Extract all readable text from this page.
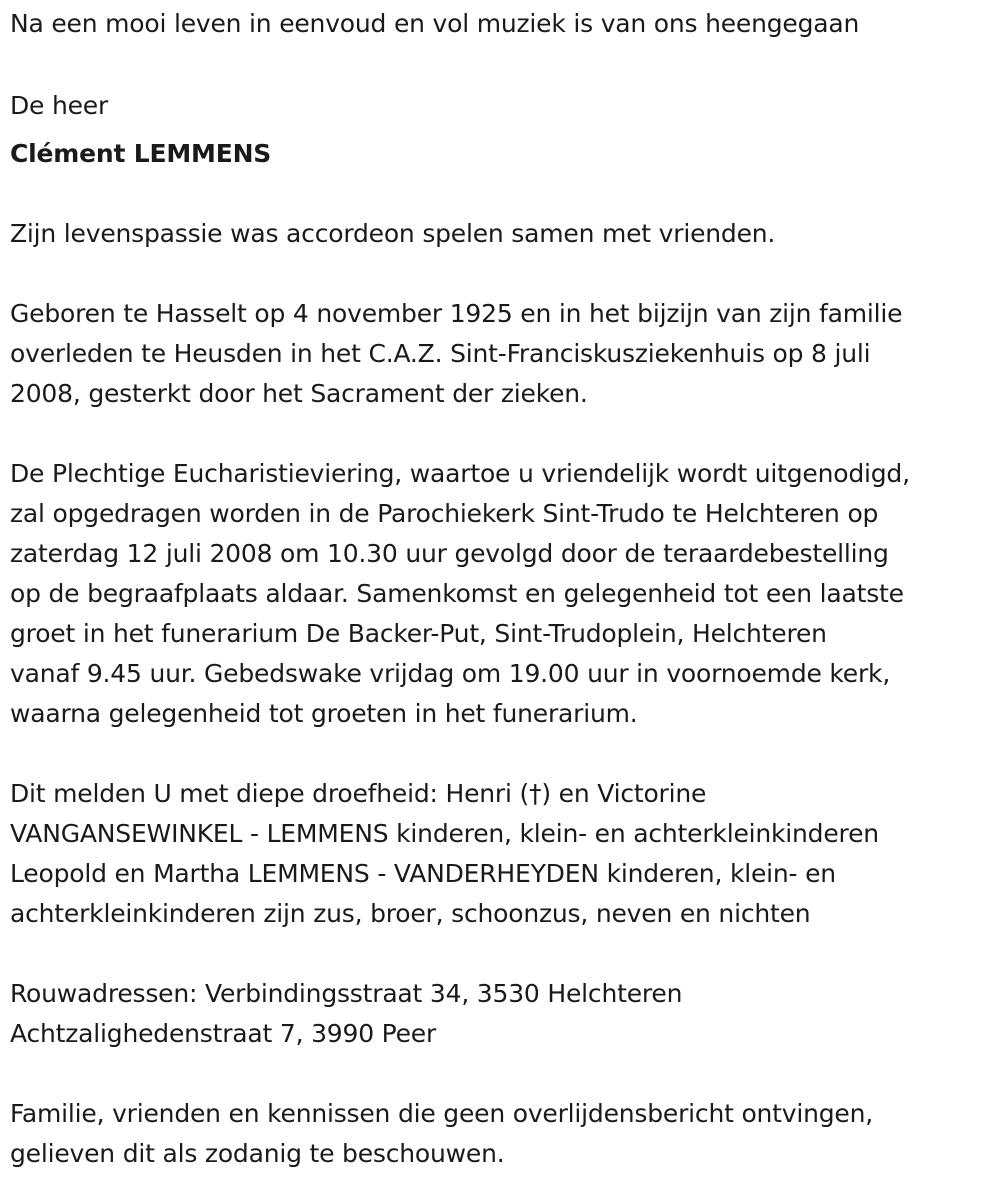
Na een mooi leven in eenvoud en vol muziek is van ons heengegaan
De heer
Clément LEMMENS
Zijn levenspassie was accordeon spelen samen met vrienden.
Geboren te Hasselt op 4 november 1925 en in het bijzijn van zijn familie
overleden te Heusden in het C.A.Z. Sint-Franciskusziekenhuis op 8 juli
2008, gesterkt door het Sacrament der zieken.
De Plechtige Eucharistieviering, waartoe u vriendelijk wordt uitgenodigd,
zal opgedragen worden in de Parochiekerk Sint-Trudo te Helchteren op
zaterdag 12 juli 2008 om 10.30 uur gevolgd door de teraardebestelling
op de begraafplaats aldaar. Samenkomst en gelegenheid tot een laatste
groet in het funerarium De Backer-Put, Sint-Trudoplein, Helchteren
vanaf 9.45 uur. Gebedswake vrijdag om 19.00 uur in voornoemde kerk,
waarna gelegenheid tot groeten in het funerarium.
Dit melden U met diepe droefheid: Henri (†) en Victorine
VANGANSEWINKEL - LEMMENS kinderen, klein- en achterkleinkinderen
Leopold en Martha LEMMENS - VANDERHEYDEN kinderen, klein- en
achterkleinkinderen zijn zus, broer, schoonzus, neven en nichten
Rouwadressen: Verbindingsstraat 34, 3530 Helchteren
Achtzalighedenstraat 7, 3990 Peer
Familie, vrienden en kennissen die geen overlijdensbericht ontvingen,
gelieven dit als zodanig te beschouwen.
